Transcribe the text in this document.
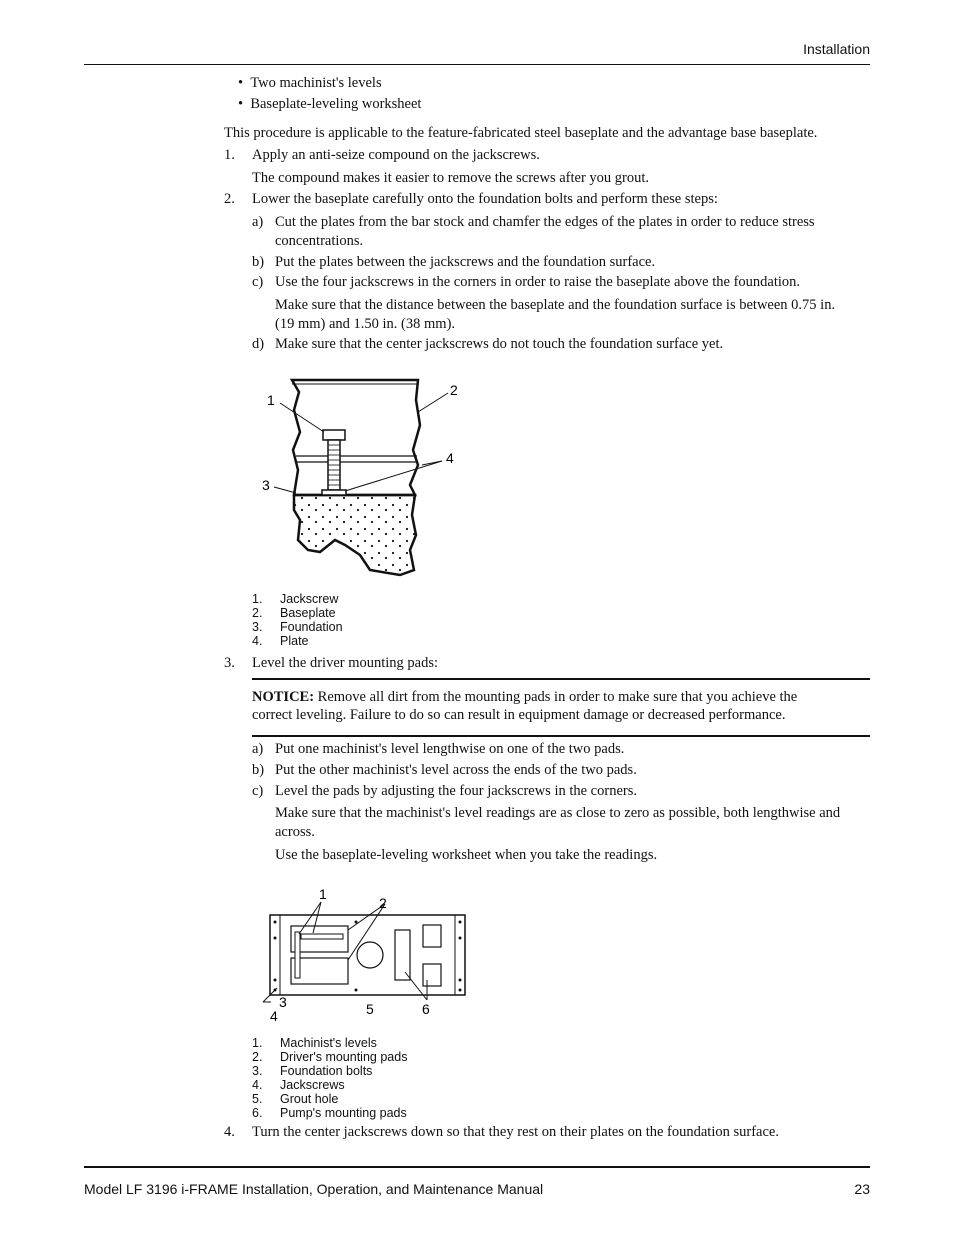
Installation
•  Two machinist's levels
•  Baseplate-leveling worksheet
This procedure is applicable to the feature-fabricated steel baseplate and the advantage base baseplate.
1. Apply an anti-seize compound on the jackscrews.
The compound makes it easier to remove the screws after you grout.
2. Lower the baseplate carefully onto the foundation bolts and perform these steps:
a) Cut the plates from the bar stock and chamfer the edges of the plates in order to reduce stress
concentrations.
b) Put the plates between the jackscrews and the foundation surface.
c) Use the four jackscrews in the corners in order to raise the baseplate above the foundation.
Make sure that the distance between the baseplate and the foundation surface is between 0.75 in.
(19 mm) and 1.50 in. (38 mm).
d) Make sure that the center jackscrews do not touch the foundation surface yet.
1
2
3
4
1. Jackscrew
2. Baseplate
3. Foundation
4. Plate
3. Level the driver mounting pads:
NOTICE: Remove all dirt from the mounting pads in order to make sure that you achieve the
correct leveling. Failure to do so can result in equipment damage or decreased performance.
a) Put one machinist's level lengthwise on one of the two pads.
b) Put the other machinist's level across the ends of the two pads.
c) Level the pads by adjusting the four jackscrews in the corners.
Make sure that the machinist's level readings are as close to zero as possible, both lengthwise and
across.
Use the baseplate-leveling worksheet when you take the readings.
1
2
3
4	5	6
1. Machinist's levels
2. Driver's mounting pads
3. Foundation bolts
4. Jackscrews
5. Grout hole
6. Pump's mounting pads
4. Turn the center jackscrews down so that they rest on their plates on the foundation surface.
Model LF 3196 i-FRAME Installation, Operation, and Maintenance Manual	23
